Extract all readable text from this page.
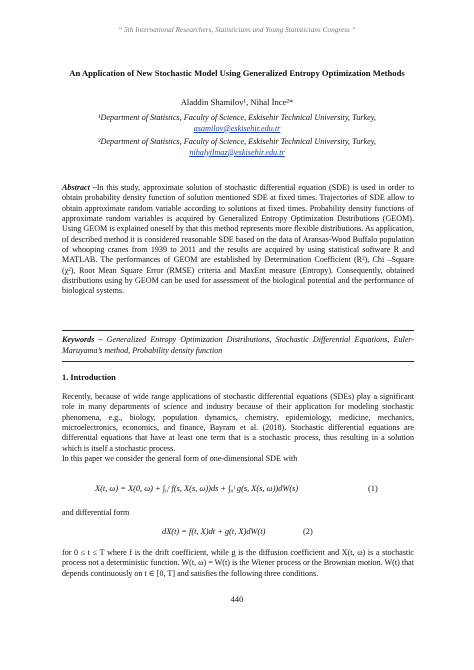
“ 5th International Researchers, Statisticians and Young Statisticians Congress “
An Application of New Stochastic Model Using Generalized Entropy Optimization Methods
Aladdin Shamilov¹, Nihal İnce²*
¹Department of Statistics, Faculty of Science, Eskisehir Technical University, Turkey,
asamilov@eskisehir.edu.tr
²Department of Statistics, Faculty of Science, Eskisehir Technical University, Turkey,
nihalyilmaz@eskisehir.edu.tr
Abstract –In this study, approximate solution of stochastic differential equation (SDE) is used in order to obtain probability density function of solution mentioned SDE at fixed times. Trajectories of SDE allow to obtain approximate random variable according to solutions at fixed times. Probability density functions of approximate random variables is acquired by Generalized Entropy Optimization Distributions (GEOM). Using GEOM is explained oneself by that this method represents more flexible distributions. As application, of described method it is considered reasonable SDE based on the data of Aransas-Wood Buffalo population of whooping cranes from 1939 to 2011 and the results are acquired by using statistical software R and MATLAB. The performances of GEOM are established by Determination Coefficient (R²), Chi –Square (χ²), Root Mean Square Error (RMSE) criteria and MaxEnt measure (Entropy). Consequently, obtained distributions using by GEOM can be used for assessment of the biological potential and the performance of biological systems.
Keywords – Generalized Entropy Optimization Distributions, Stochastic Differential Equations, Euler-Maruyama’s method, Probability density function
1. Introduction
Recently, because of wide range applications of stochastic differential equations (SDEs) play a significant role in many departments of science and industry because of their application for modeling stochastic phenomena, e.g., biology, population dynamics, chemistry, epidemiology, medicine, mechanics, microelectronics, economics, and finance, Bayram et al. (2018). Stochastic differential equations are differential equations that have at least one term that is a stochastic process, thus resulting in a solution which is itself a stochastic process.
In this paper we consider the general form of one-dimensional SDE with
X(t, ω) = X(0, ω) + ∫₀ᵗ f(s, X(s, ω))ds + ∫₀ᵗ g(s, X(s, ω))dW(s)	(1)
and differential form
dX(t) = f(t, X)dt + g(t, X)dW(t)	(2)
for 0 ≤ t ≤ T where f is the drift coefficient, while g is the diffusion coefficient and X(t, ω) is a stochastic process not a deterministic function. W(t, ω) = W(t) is the Wiener process or the Brownian motion. W(t) that depends continuously on t ∈ [0, T] and satisfies the following three conditions.
440
